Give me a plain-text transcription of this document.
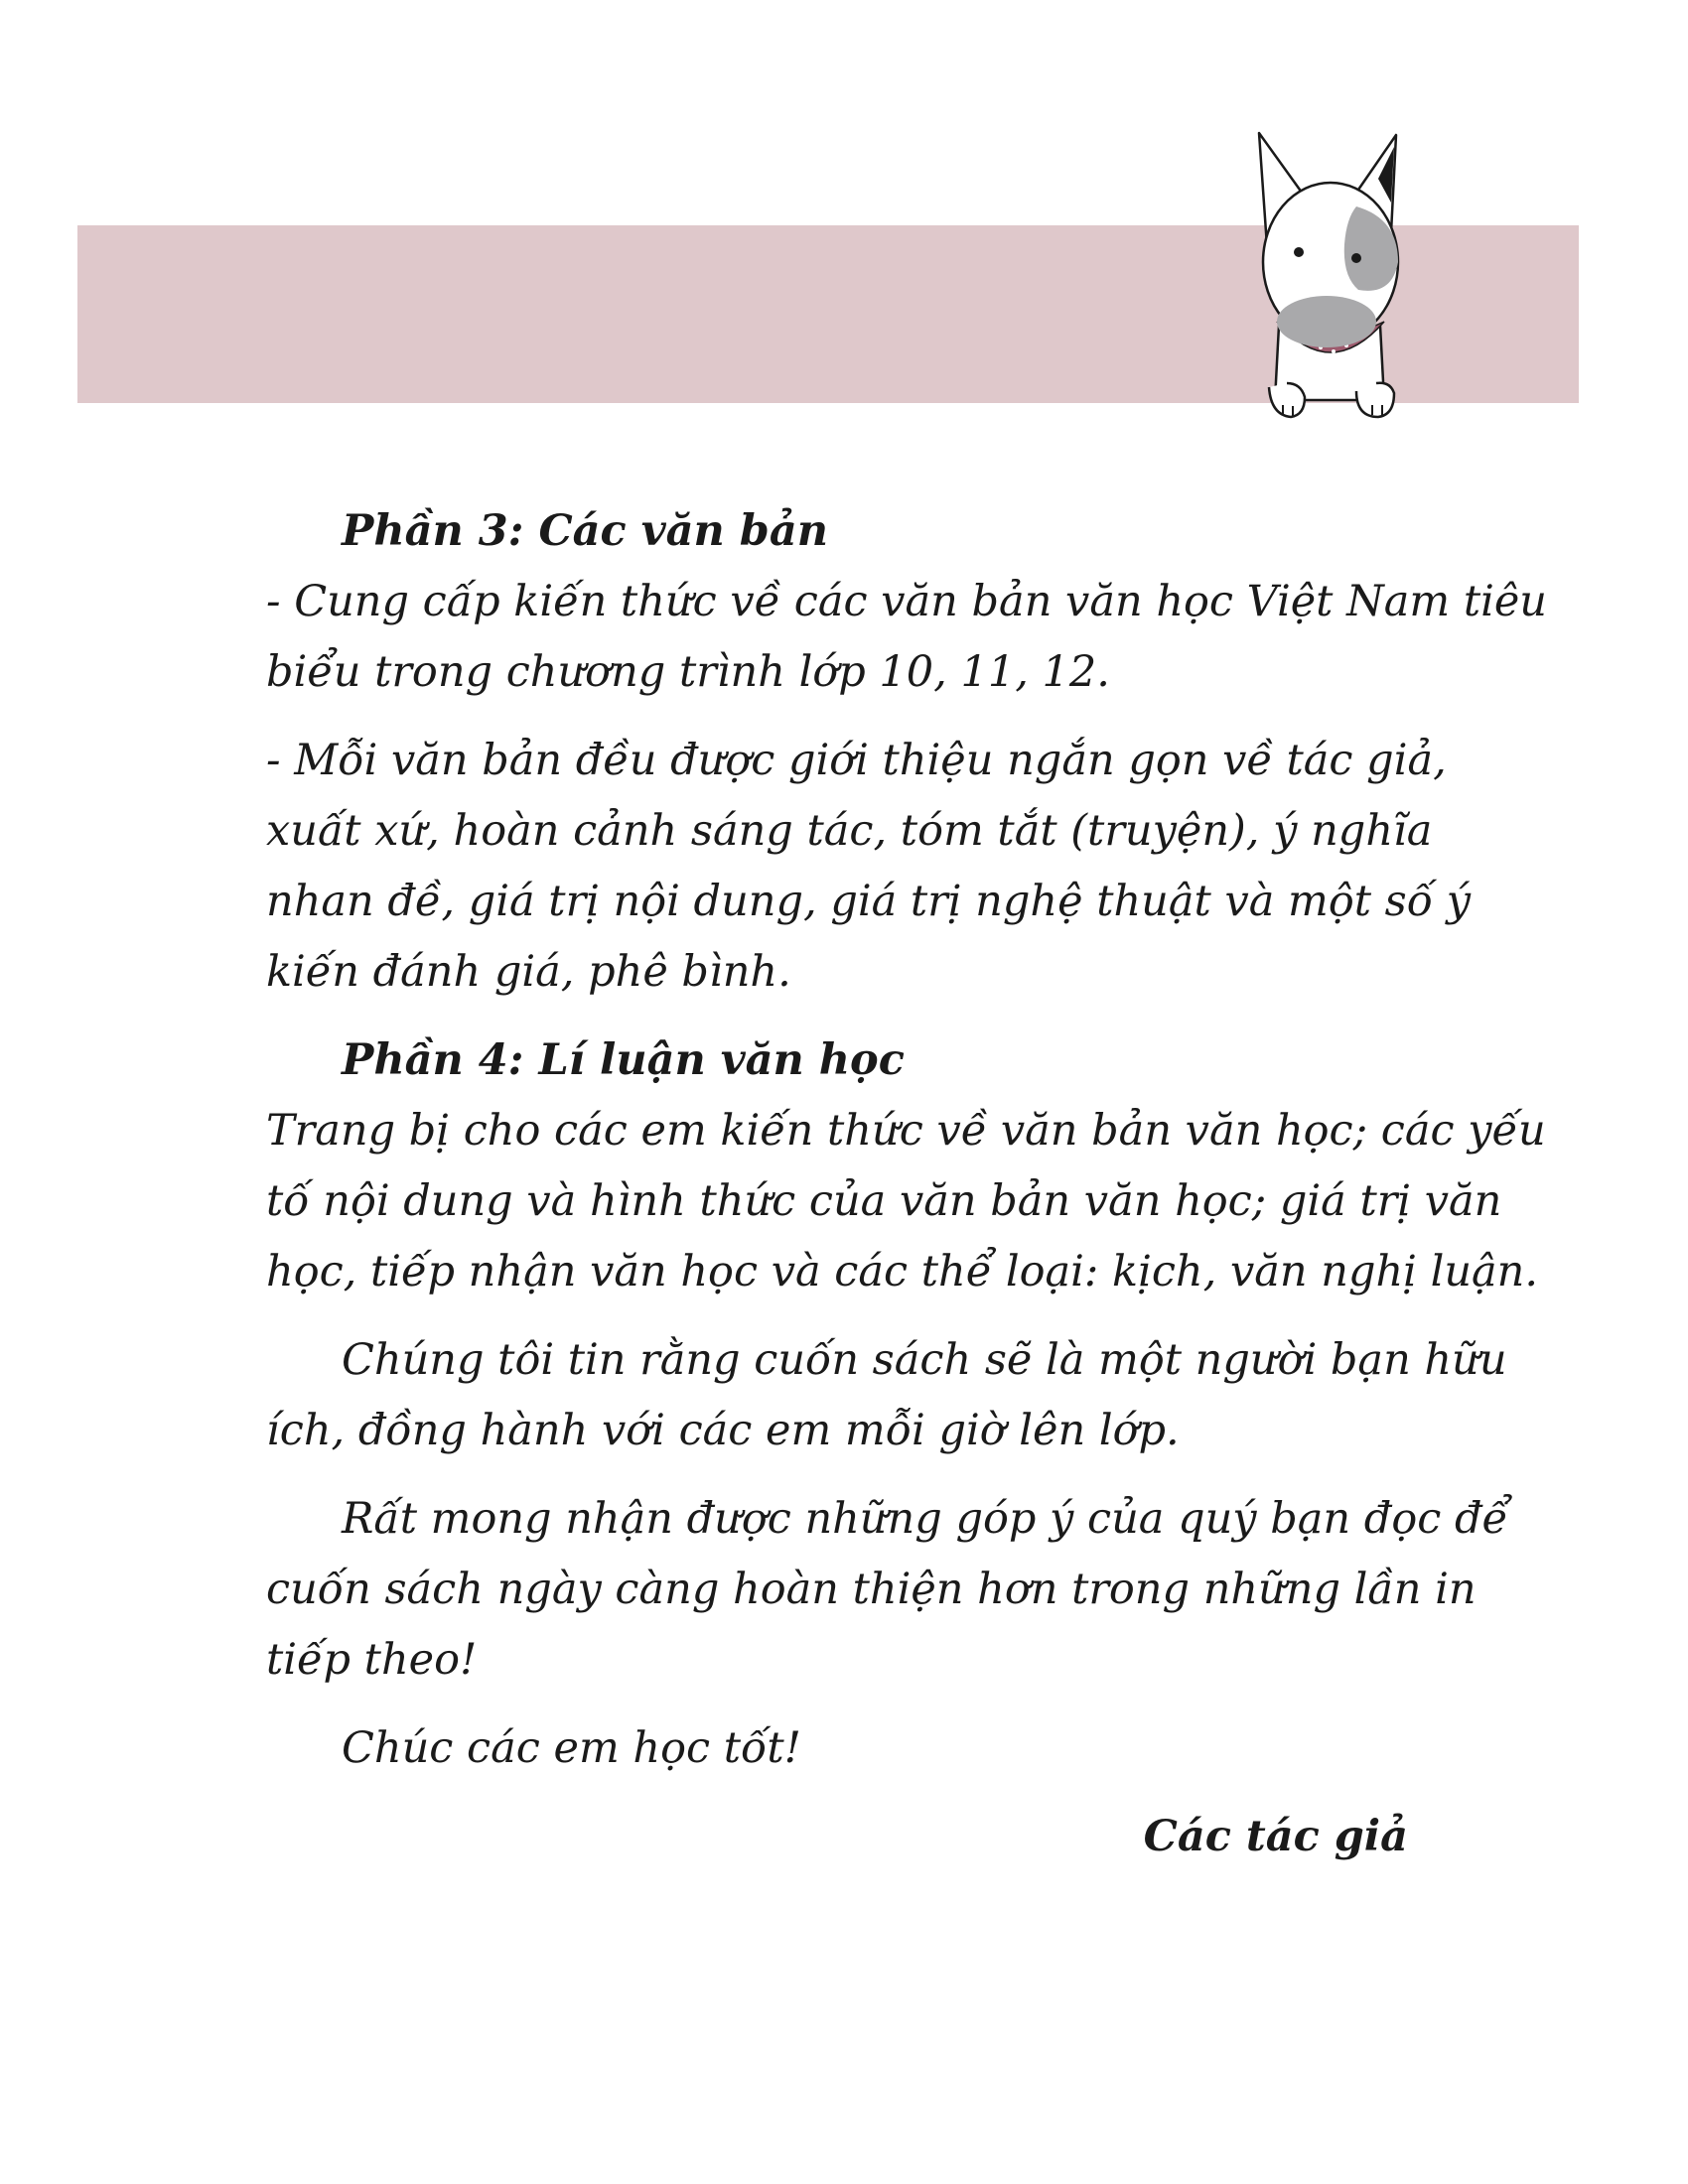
Phần 3: Các văn bản
- Cung cấp kiến thức về các văn bản văn học Việt Nam tiêu
biểu trong chương trình lớp 10, 11, 12.
- Mỗi văn bản đều được giới thiệu ngắn gọn về tác giả,
xuất xứ, hoàn cảnh sáng tác, tóm tắt (truyện), ý nghĩa
nhan đề, giá trị nội dung, giá trị nghệ thuật và một số ý
kiến đánh giá, phê bình.
Phần 4: Lí luận văn học
Trang bị cho các em kiến thức về văn bản văn học; các yếu
tố nội dung và hình thức của văn bản văn học; giá trị văn
học, tiếp nhận văn học và các thể loại: kịch, văn nghị luận.
Chúng tôi tin rằng cuốn sách sẽ là một người bạn hữu
ích, đồng hành với các em mỗi giờ lên lớp.
Rất mong nhận được những góp ý của quý bạn đọc để
cuốn sách ngày càng hoàn thiện hơn trong những lần in
tiếp theo!
Chúc các em học tốt!
Các tác giả
